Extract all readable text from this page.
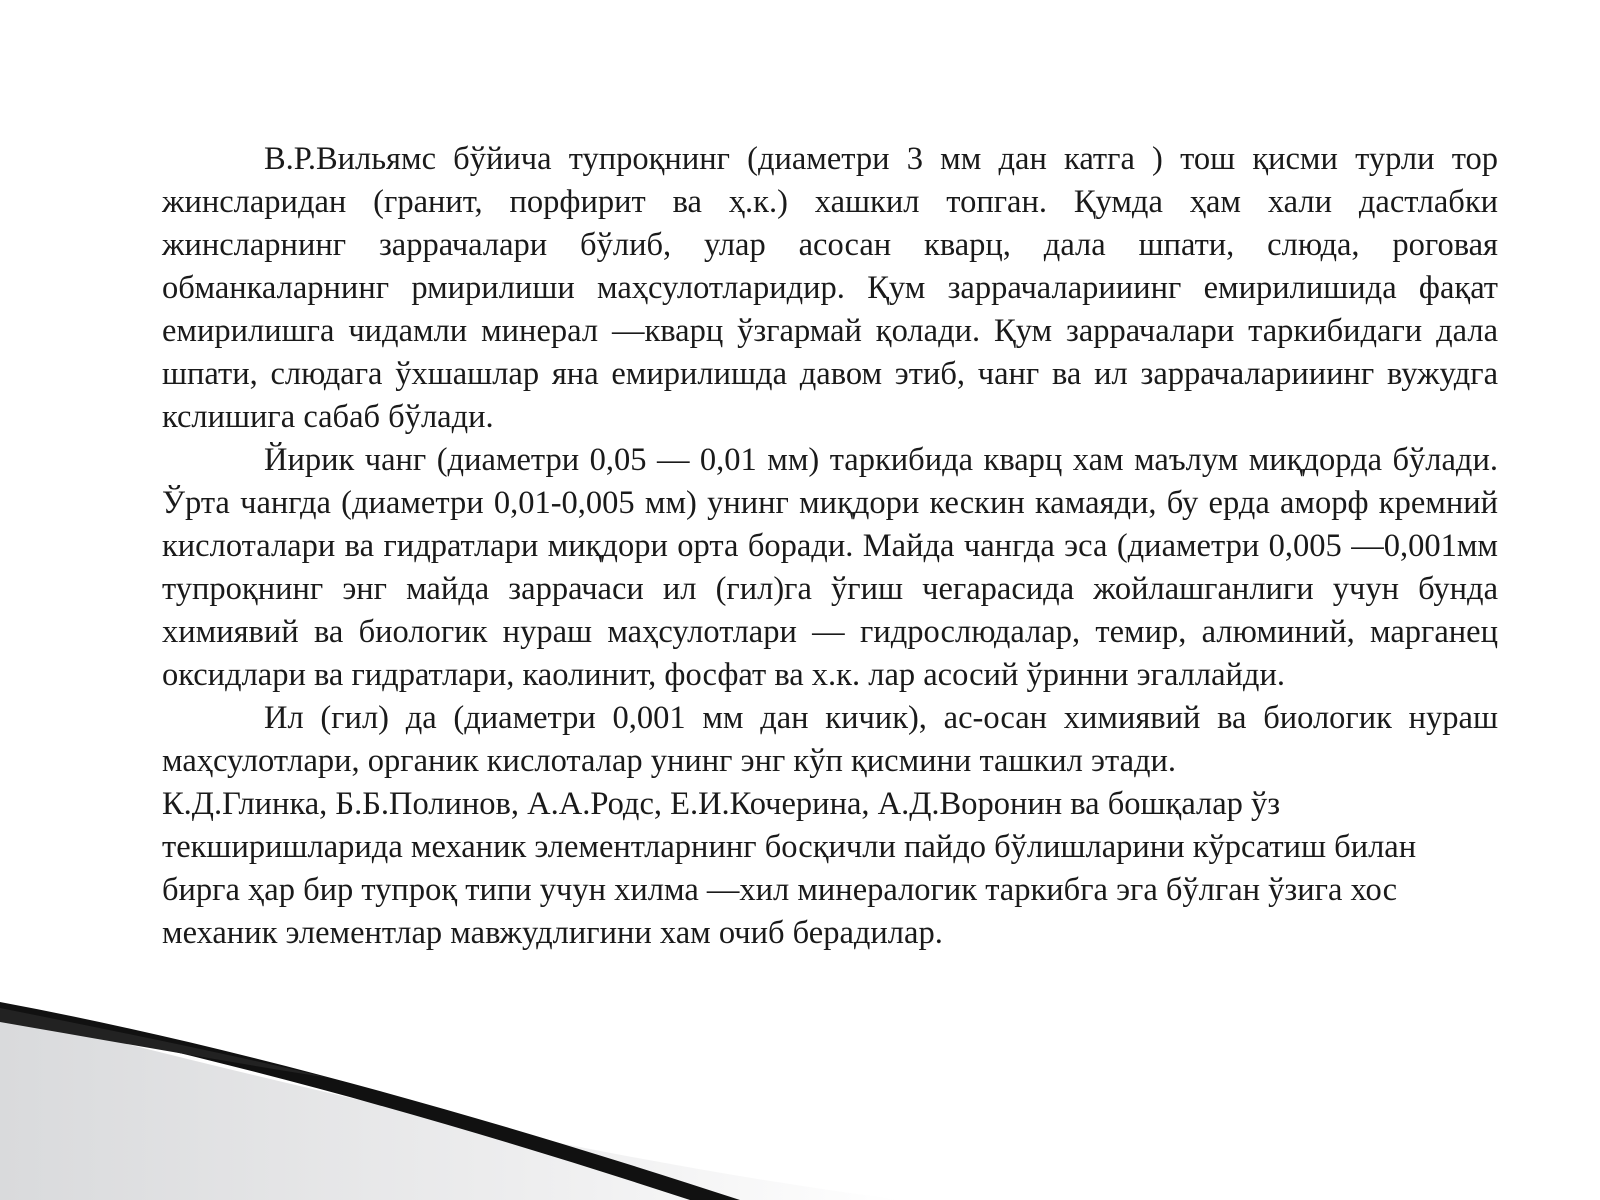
В.Р.Вильямс бўйича тупроқнинг (диаметри 3 мм дан катга ) тош қисми турли тор жинсларидан (гранит, порфирит ва ҳ.к.) хашкил топган. Қумда ҳам хали дастлабки жинсларнинг заррачалари бўлиб, улар асосан кварц, дала шпати, слюда, роговая обманкаларнинг рмирилиши маҳсулотларидир. Қум заррачаларииинг емирилишида фақат емирилишга чидамли минерал —кварц ўзгармай қолади. Қум заррачалари таркибидаги дала шпати, слюдага ўхшашлар яна емирилишда давом этиб, чанг ва ил заррачаларииинг вужудга кслишига сабаб бўлади.

Йирик чанг (диаметри 0,05 — 0,01 мм) таркибида кварц хам маълум миқдорда бўлади. Ўрта чангда (диаметри 0,01-0,005 мм) унинг миқдори кескин камаяди, бу ерда аморф кремний кислоталари ва гидратлари миқдори орта боради. Майда чангда эса (диаметри 0,005 —0,001мм тупроқнинг энг майда заррачаси ил (гил)га ўгиш чегарасида жойлашганлиги учун бунда химиявий ва биологик нураш маҳсулотлари — гидрослюдалар, темир, алюминий, марганец оксидлари ва гидратлари, каолинит, фосфат ва х.к. лар асосий ўринни эгаллайди.

Ил (гил) да (диаметри 0,001 мм дан кичик), ас-осан химиявий ва биологик нураш маҳсулотлари, органик кислоталар унинг энг кўп қисмини ташкил этади.

К.Д.Глинка, Б.Б.Полинов, А.А.Родс, Е.И.Кочерина, А.Д.Воронин ва бошқалар ўз
текширишларида механик элементларнинг босқичли пайдо бўлишларини кўрсатиш билан
бирга ҳар бир тупроқ типи учун хилма —хил минералогик таркибга эга бўлган ўзига хос
механик элементлар мавжудлигини хам очиб берадилар.
